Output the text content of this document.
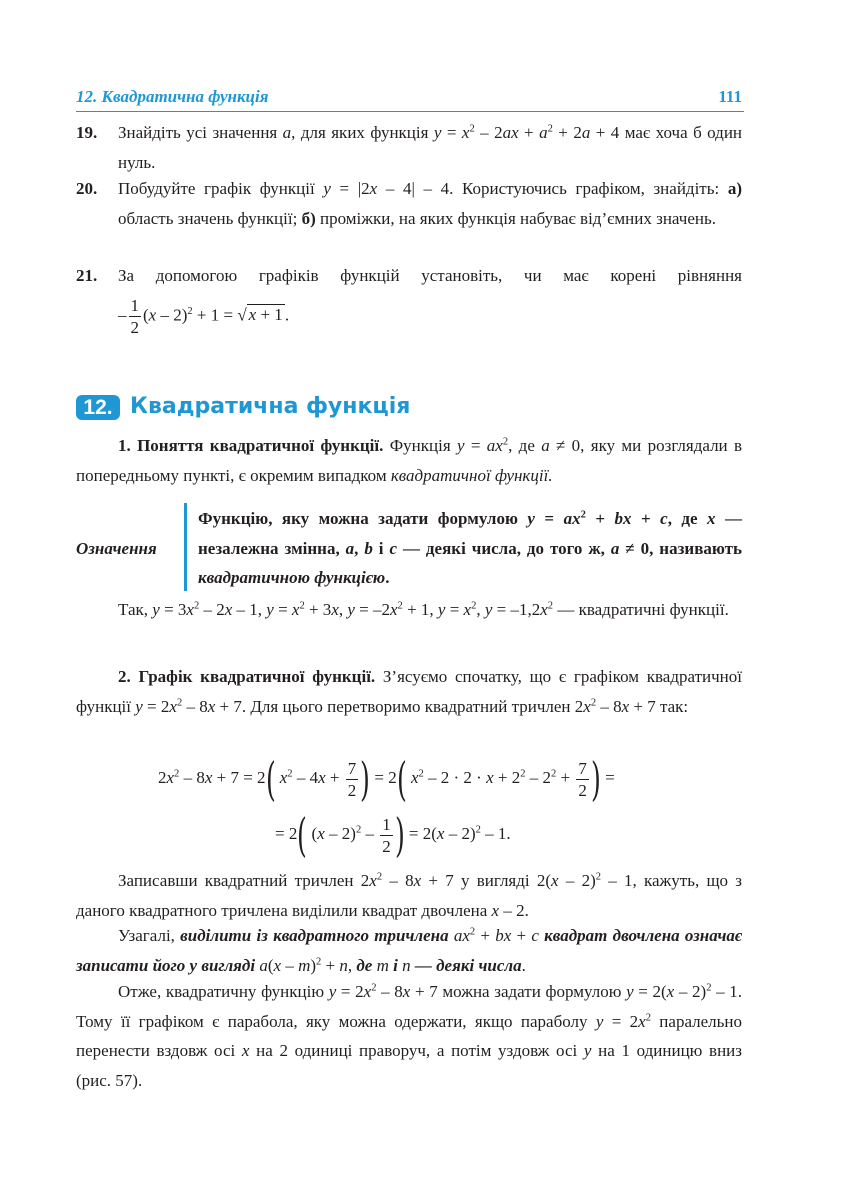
12. Квадратична функція	111
19. Знайдіть усі значення a, для яких функція $y = x^2 - 2ax + a^2 + 2a + 4$ має хоча б один нуль.
20. Побудуйте графік функції y = |2x – 4| – 4. Користуючись графіком, знайдіть: а) область значень функції; б) проміжки, на яких функція набуває від’ємних значень.
21. За допомогою графіків функцій установіть, чи має корені рівняння
– $\frac{1}{2} (x - 2)^2 + 1$ = √ x + 1 .
12. Квадратична функція
1. Поняття квадратичної функції. Функція $y = ax^2$, де a ≠ 0, яку ми розглядали в попередньому пункті, є окремим випадком квадратичної функції.
Означення
Функцію, яку можна задати формулою $y = ax^2$ + bx + c, де x — незалежна змінна, a, b і c — деякі числа, до того ж, a ≠ 0, називають квадратичною функцією.
Так, $y = 3x^2 - 2x - 1$, $y = x^2 + 3x$, $y = -2x^2 + 1$, $y = x^2$, $y = -1,2x^2$ — квадратичні функції.
2. Графік квадратичної функції. З’ясуємо спочатку, що є графіком квадратичної функції $y = 2x^2 - 8x + 7$. Для цього перетворимо квадратний тричлен $2x^2 - 8x + 7$ так:
$2x^2 - 8x + 7 = 2$( $x^2 - 4x + \frac{7}{2}$ ) = 2( $x^2 - 2 \cdot 2 \cdot x + 2^2 - 2^2 + \frac{7}{2}$ ) =
= 2( $(x - 2)^2 - \frac{1}{2}$ ) = 2(x – 2)$^2$ – 1.
Записавши квадратний тричлен $2x^2 - 8x + 7$ у вигляді 2(x – 2)$^2$ – 1, кажуть, що з даного квадратного тричлена виділили квадрат двочлена x – 2.
Узагалі, виділити із квадратного тричлена $ax^2$ + bx + c квадрат двочлена означає записати його у вигляді a(x – m)$^2$ + n, де m і n — деякі числа.
Отже, квадратичну функцію $y = 2x^2 - 8x + 7$ можна задати формулою y = 2(x – 2)$^2$ – 1. Тому її графіком є парабола, яку можна одержати, якщо параболу $y = 2x^2$ паралельно перенести вздовж осі x на 2 одиниці праворуч, а потім уздовж осі y на 1 одиницю вниз (рис. 57).
